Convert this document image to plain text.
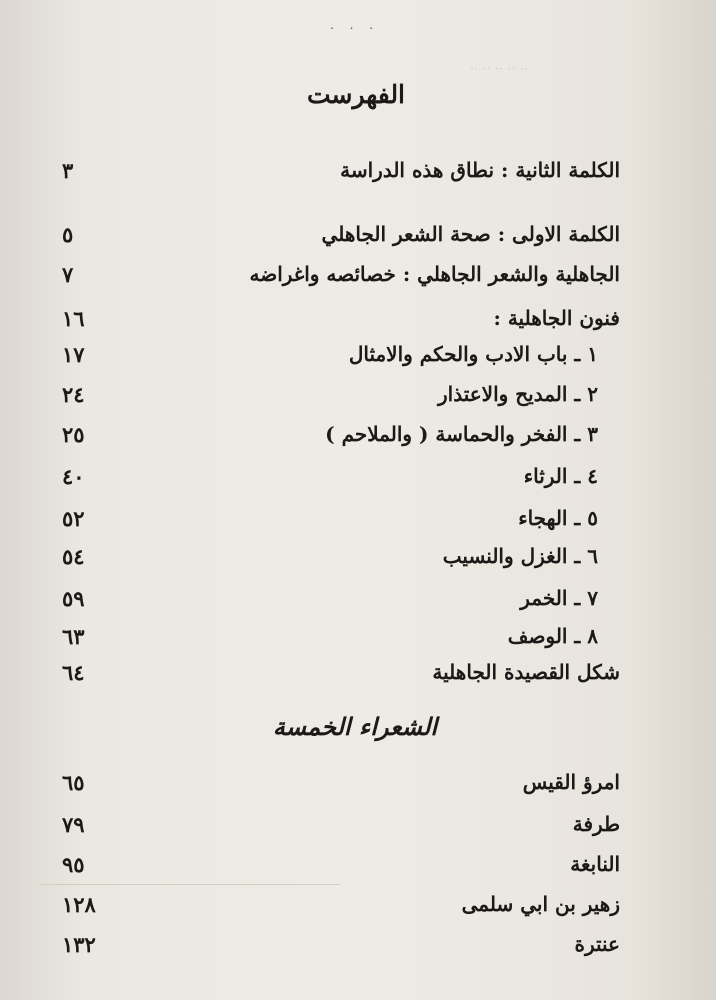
. . .
·· ·· ·· ·· ··
الفهرست
الكلمة الثانية : نطاق هذه الدراسة
٣
الكلمة الاولى : صحة الشعر الجاهلي
٥
الجاهلية والشعر الجاهلي : خصائصه واغراضه
٧
فنون الجاهلية :
١٦
١ ـ باب الادب والحكم والامثال
١٧
٢ ـ المديح والاعتذار
٢٤
٣ ـ الفخر والحماسة ( والملاحم )
٢٥
٤ ـ الرثاء
٤٠
٥ ـ الهجاء
٥٢
٦ ـ الغزل والنسيب
٥٤
٧ ـ الخمر
٥٩
٨ ـ الوصف
٦٣
شكل القصيدة الجاهلية
٦٤
الشعراء الخمسة
امرؤ القيس
٦٥
طرفة
٧٩
النابغة
٩٥
زهير بن ابي سلمى
١٢٨
عنترة
١٣٢
